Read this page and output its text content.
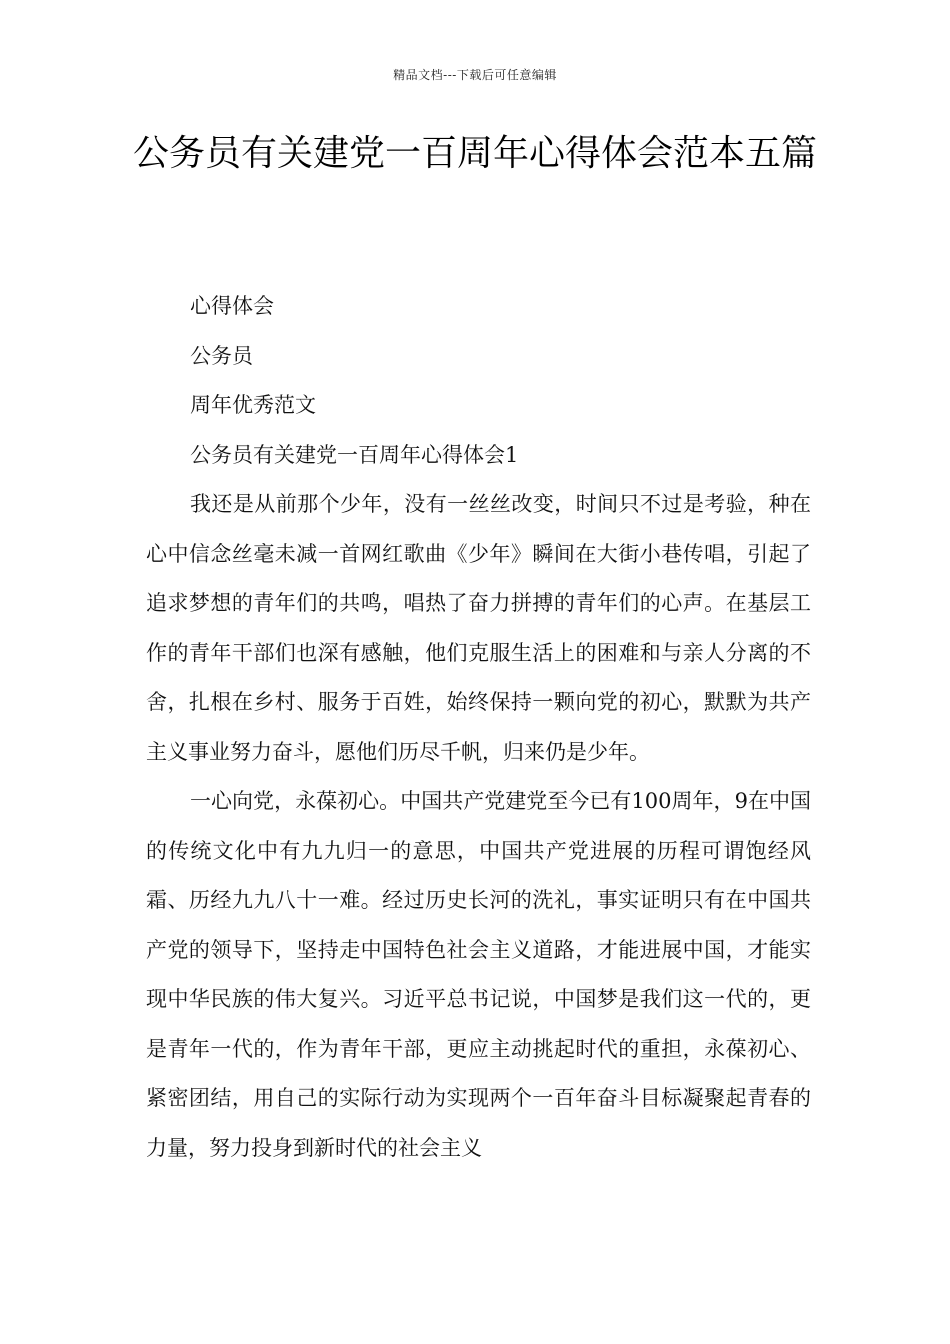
精品文档---下载后可任意编辑
公务员有关建党一百周年心得体会范本五篇

心得体会

公务员

周年优秀范文

公务员有关建党一百周年心得体会1

我还是从前那个少年，没有一丝丝改变，时间只不过是考验，种在心中信念丝毫未减一首网红歌曲《少年》瞬间在大街小巷传唱，引起了追求梦想的青年们的共鸣，唱热了奋力拼搏的青年们的心声。在基层工作的青年干部们也深有感触，他们克服生活上的困难和与亲人分离的不舍，扎根在乡村、服务于百姓，始终保持一颗向党的初心，默默为共产主义事业努力奋斗，愿他们历尽千帆，归来仍是少年。

一心向党，永葆初心。中国共产党建党至今已有100周年，9在中国的传统文化中有九九归一的意思，中国共产党进展的历程可谓饱经风霜、历经九九八十一难。经过历史长河的洗礼，事实证明只有在中国共产党的领导下，坚持走中国特色社会主义道路，才能进展中国，才能实现中华民族的伟大复兴。习近平总书记说，中国梦是我们这一代的，更是青年一代的，作为青年干部，更应主动挑起时代的重担，永葆初心、紧密团结，用自己的实际行动为实现两个一百年奋斗目标凝聚起青春的力量，努力投身到新时代的社会主义
